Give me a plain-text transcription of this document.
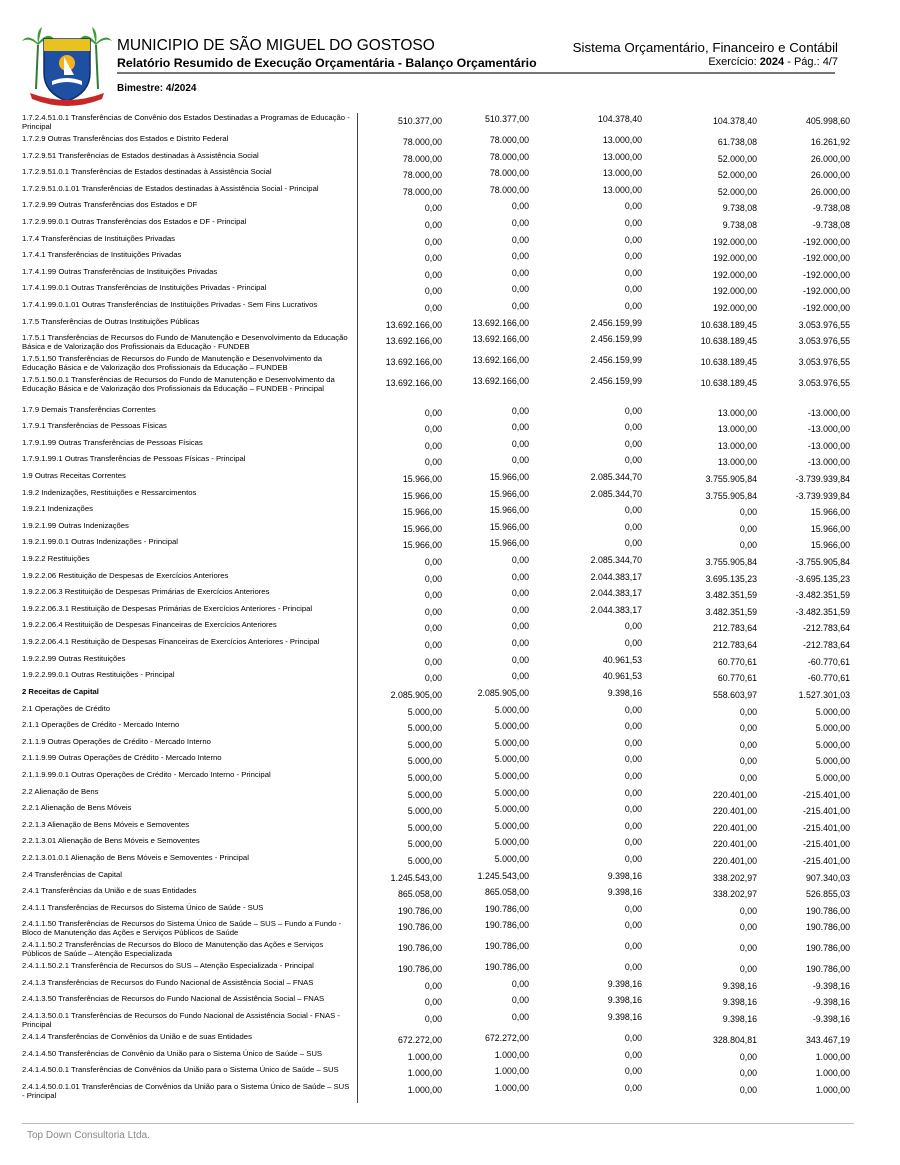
MUNICIPIO DE SÃO MIGUEL DO GOSTOSO
Relatório Resumido de Execução Orçamentária - Balanço Orçamentário
Sistema Orçamentário, Financeiro e Contábil
Exercício: 2024 - Pág.: 4/7
Bimestre: 4/2024
1.7.2.4.51.0.1 Transferências de Convênio dos Estados Destinadas a Programas de Educação - Principal
510.377,00	510.377,00	104.378,40	104.378,40	405.998,60
1.7.2.9 Outras Transferências dos Estados e Distrito Federal	78.000,00	78.000,00	13.000,00	61.738,08	16.261,92
1.7.2.9.51 Transferências de Estados destinadas à Assistência Social	78.000,00	78.000,00	13.000,00	52.000,00	26.000,00
1.7.2.9.51.0.1 Transferências de Estados destinadas à Assistência Social	78.000,00	78.000,00	13.000,00	52.000,00	26.000,00
1.7.2.9.51.0.1.01 Transferências de Estados destinadas à Assistência Social - Principal	78.000,00	78.000,00	13.000,00	52.000,00	26.000,00
1.7.2.9.99 Outras Transferências dos Estados e DF	0,00	0,00	0,00	9.738,08	-9.738,08
1.7.2.9.99.0.1 Outras Transferências dos Estados e DF - Principal	0,00	0,00	0,00	9.738,08	-9.738,08
1.7.4 Transferências de Instituições Privadas	0,00	0,00	0,00	192.000,00	-192.000,00
1.7.4.1 Transferências de Instituições Privadas	0,00	0,00	0,00	192.000,00	-192.000,00
1.7.4.1.99 Outras Transferências de Instituições Privadas	0,00	0,00	0,00	192.000,00	-192.000,00
1.7.4.1.99.0.1 Outras Transferências de Instituições Privadas - Principal	0,00	0,00	0,00	192.000,00	-192.000,00
1.7.4.1.99.0.1.01 Outras Transferências de Instituições Privadas - Sem Fins Lucrativos	0,00	0,00	0,00	192.000,00	-192.000,00
1.7.5 Transferências de Outras Instituições Públicas	13.692.166,00	13.692.166,00	2.456.159,99	10.638.189,45	3.053.976,55
1.7.5.1 Transferências de Recursos do Fundo de Manutenção e Desenvolvimento da Educação Básica e de Valorização dos Profissionais da Educação - FUNDEB
13.692.166,00	13.692.166,00	2.456.159,99	10.638.189,45	3.053.976,55
1.7.5.1.50 Transferências de Recursos do Fundo de Manutenção e Desenvolvimento da Educação Básica e de Valorização dos Profissionais da Educação – FUNDEB
13.692.166,00	13.692.166,00	2.456.159,99	10.638.189,45	3.053.976,55
1.7.5.1.50.0.1 Transferências de Recursos do Fundo de Manutenção e Desenvolvimento da Educação Básica e de Valorização dos Profissionais da Educação – FUNDEB - Principal
13.692.166,00	13.692.166,00	2.456.159,99	10.638.189,45	3.053.976,55
1.7.9 Demais Transferências Correntes	0,00	0,00	0,00	13.000,00	-13.000,00
1.7.9.1 Transferências de Pessoas Físicas	0,00	0,00	0,00	13.000,00	-13.000,00
1.7.9.1.99 Outras Transferências de Pessoas Físicas	0,00	0,00	0,00	13.000,00	-13.000,00
1.7.9.1.99.1 Outras Transferências de Pessoas Físicas - Principal	0,00	0,00	0,00	13.000,00	-13.000,00
1.9 Outras Receitas Correntes	15.966,00	15.966,00	2.085.344,70	3.755.905,84	-3.739.939,84
1.9.2 Indenizações, Restituições e Ressarcimentos	15.966,00	15.966,00	2.085.344,70	3.755.905,84	-3.739.939,84
1.9.2.1 Indenizações	15.966,00	15.966,00	0,00	0,00	15.966,00
1.9.2.1.99 Outras Indenizações	15.966,00	15.966,00	0,00	0,00	15.966,00
1.9.2.1.99.0.1 Outras Indenizações - Principal	15.966,00	15.966,00	0,00	0,00	15.966,00
1.9.2.2 Restituições	0,00	0,00	2.085.344,70	3.755.905,84	-3.755.905,84
1.9.2.2.06 Restituição de Despesas de Exercícios Anteriores	0,00	0,00	2.044.383,17	3.695.135,23	-3.695.135,23
1.9.2.2.06.3 Restituição de Despesas Primárias de Exercícios Anteriores	0,00	0,00	2.044.383,17	3.482.351,59	-3.482.351,59
1.9.2.2.06.3.1 Restituição de Despesas Primárias de Exercícios Anteriores - Principal	0,00	0,00	2.044.383,17	3.482.351,59	-3.482.351,59
1.9.2.2.06.4 Restituição de Despesas Financeiras de Exercícios Anteriores	0,00	0,00	0,00	212.783,64	-212.783,64
1.9.2.2.06.4.1 Restituição de Despesas Financeiras de Exercícios Anteriores - Principal	0,00	0,00	0,00	212.783,64	-212.783,64
1.9.2.2.99 Outras Restituições	0,00	0,00	40.961,53	60.770,61	-60.770,61
1.9.2.2.99.0.1 Outras Restituições - Principal	0,00	0,00	40.961,53	60.770,61	-60.770,61
2 Receitas de Capital	2.085.905,00	2.085.905,00	9.398,16	558.603,97	1.527.301,03
2.1 Operações de Crédito	5.000,00	5.000,00	0,00	0,00	5.000,00
2.1.1 Operações de Crédito - Mercado Interno	5.000,00	5.000,00	0,00	0,00	5.000,00
2.1.1.9 Outras Operações de Crédito - Mercado Interno	5.000,00	5.000,00	0,00	0,00	5.000,00
2.1.1.9.99 Outras Operações de Crédito - Mercado Interno	5.000,00	5.000,00	0,00	0,00	5.000,00
2.1.1.9.99.0.1 Outras Operações de Crédito - Mercado Interno - Principal	5.000,00	5.000,00	0,00	0,00	5.000,00
2.2 Alienação de Bens	5.000,00	5.000,00	0,00	220.401,00	-215.401,00
2.2.1 Alienação de Bens Móveis	5.000,00	5.000,00	0,00	220.401,00	-215.401,00
2.2.1.3 Alienação de Bens Móveis e Semoventes	5.000,00	5.000,00	0,00	220.401,00	-215.401,00
2.2.1.3.01 Alienação de Bens Móveis e Semoventes	5.000,00	5.000,00	0,00	220.401,00	-215.401,00
2.2.1.3.01.0.1 Alienação de Bens Móveis e Semoventes - Principal	5.000,00	5.000,00	0,00	220.401,00	-215.401,00
2.4 Transferências de Capital	1.245.543,00	1.245.543,00	9.398,16	338.202,97	907.340,03
2.4.1 Transferências da União e de suas Entidades	865.058,00	865.058,00	9.398,16	338.202,97	526.855,03
2.4.1.1 Transferências de Recursos do Sistema Único de Saúde - SUS	190.786,00	190.786,00	0,00	0,00	190.786,00
2.4.1.1.50 Transferências de Recursos do Sistema Único de Saúde – SUS – Fundo a Fundo - Bloco de Manutenção das Ações e Serviços Públicos de Saúde
190.786,00	190.786,00	0,00	0,00	190.786,00
2.4.1.1.50.2 Transferências de Recursos do Bloco de Manutenção das Ações e Serviços Públicos de Saúde – Atenção Especializada
190.786,00	190.786,00	0,00	0,00	190.786,00
2.4.1.1.50.2.1 Transferência de Recursos do SUS – Atenção Especializada - Principal	190.786,00	190.786,00	0,00	0,00	190.786,00
2.4.1.3 Transferências de Recursos do Fundo Nacional de Assistência Social – FNAS	0,00	0,00	9.398,16	9.398,16	-9.398,16
2.4.1.3.50 Transferências de Recursos do Fundo Nacional de Assistência Social – FNAS	0,00	0,00	9.398,16	9.398,16	-9.398,16
2.4.1.3.50.0.1 Transferências de Recursos do Fundo Nacional de Assistência Social - FNAS - Principal
0,00	0,00	9.398,16	9.398,16	-9.398,16
2.4.1.4 Transferências de Convênios da União e de suas Entidades	672.272,00	672.272,00	0,00	328.804,81	343.467,19
2.4.1.4.50 Transferências de Convênio da União para o Sistema Único de Saúde – SUS	1.000,00	1.000,00	0,00	0,00	1.000,00
2.4.1.4.50.0.1 Transferências de Convênios da União para o Sistema Único de Saúde – SUS	1.000,00	1.000,00	0,00	0,00	1.000,00
2.4.1.4.50.0.1.01 Transferências de Convênios da União para o Sistema Único de Saúde – SUS - Principal
1.000,00	1.000,00	0,00	0,00	1.000,00
Top Down Consultoria Ltda.
